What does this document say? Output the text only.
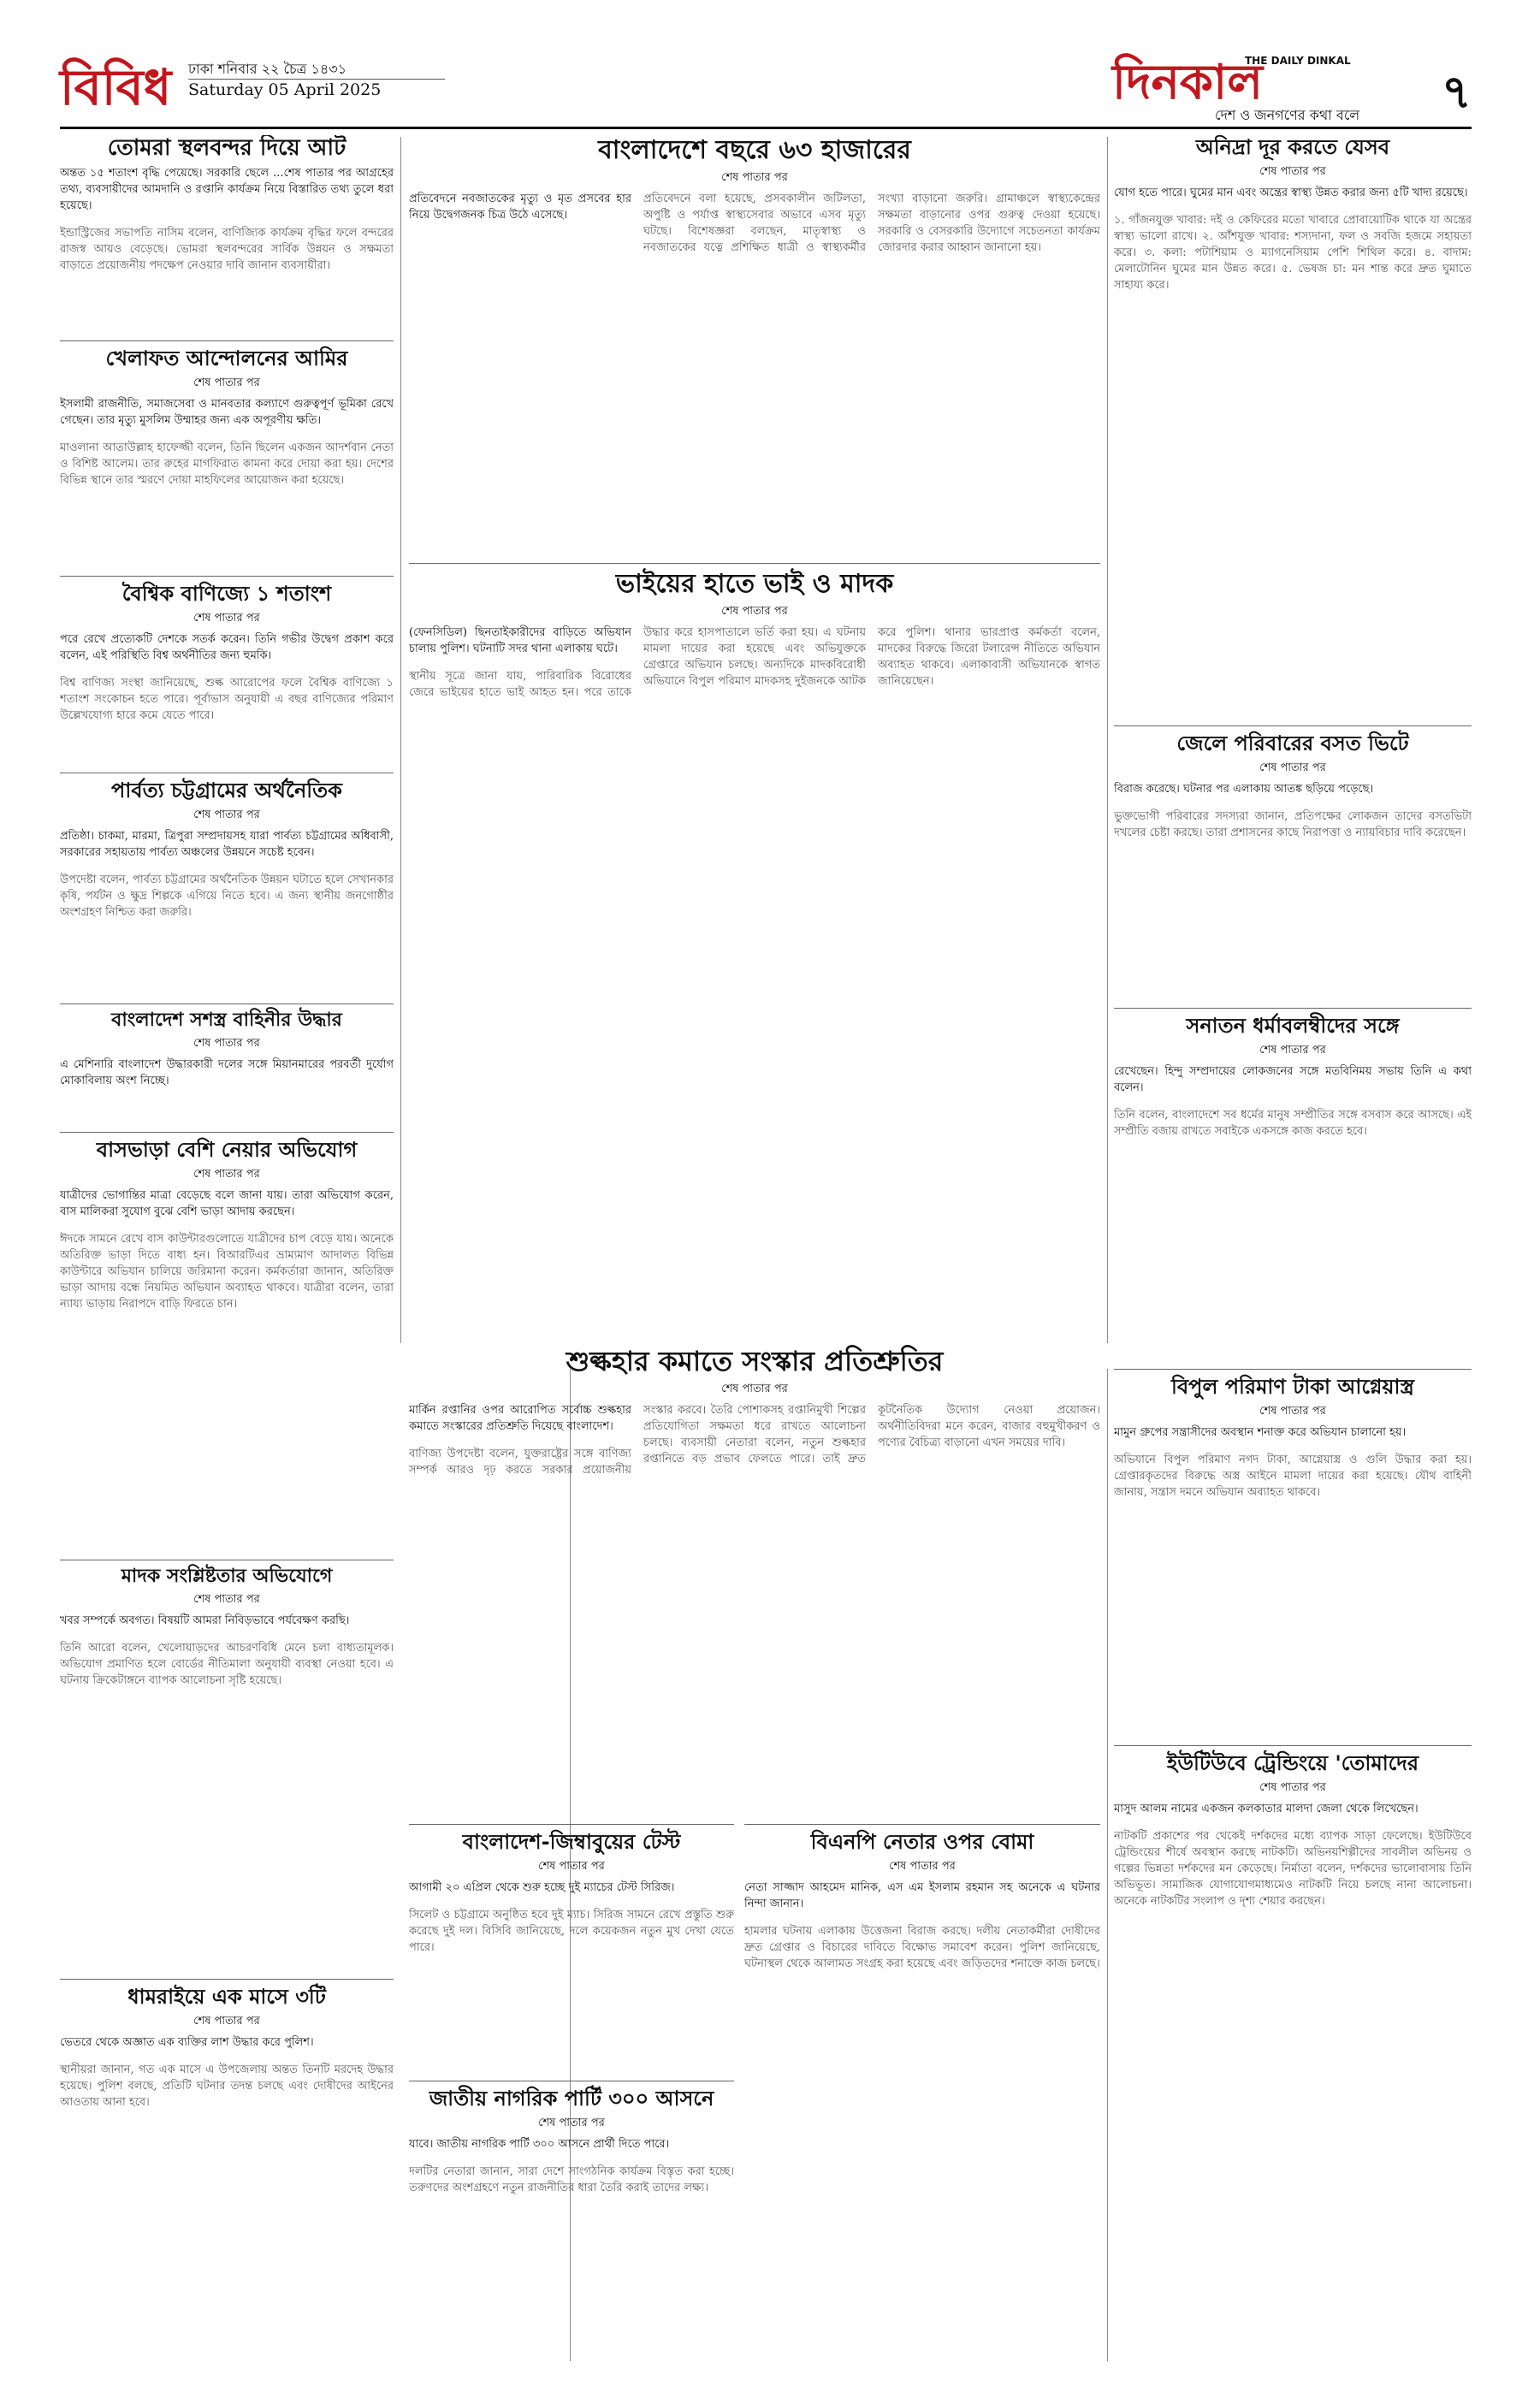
বিবিধ ঢাকা শনিবার ২২ চৈত্র ১৪৩১
Saturday 05 April 2025	দিনকাল
THE DAILY DINKAL
দেশ ও জনগণের কথা বলে ৭
তোমরা স্থলবন্দর দিয়ে আট

অন্তত ১৫ শতাংশ বৃদ্ধি পেয়েছে। সরকারি ছেলে ...শেষ পাতার পর আগ্রহের তথ্য, ব্যবসায়ীদের আমদানি ও রপ্তানি কার্যক্রম নিয়ে বিস্তারিত তথ্য তুলে ধরা হয়েছে।

ইন্ডাস্ট্রিজের সভাপতি নাসিম বলেন, বাণিজ্যিক কার্যক্রম বৃদ্ধির ফলে বন্দরের রাজস্ব আয়ও বেড়েছে। ভোমরা স্থলবন্দরের সার্বিক উন্নয়ন ও সক্ষমতা বাড়াতে প্রয়োজনীয় পদক্ষেপ নেওয়ার দাবি জানান ব্যবসায়ীরা।

খেলাফত আন্দোলনের আমির
শেষ পাতার পর

ইসলামী রাজনীতি, সমাজসেবা ও মানবতার কল্যাণে গুরুত্বপূর্ণ ভূমিকা রেখে গেছেন। তার মৃত্যু মুসলিম উম্মাহর জন্য এক অপূরণীয় ক্ষতি।

মাওলানা আতাউল্লাহ হাফেজ্জী বলেন, তিনি ছিলেন একজন আদর্শবান নেতা ও বিশিষ্ট আলেম। তার রুহের মাগফিরাত কামনা করে দোয়া করা হয়। দেশের বিভিন্ন স্থানে তার স্মরণে দোয়া মাহফিলের আয়োজন করা হয়েছে।

বৈশ্বিক বাণিজ্যে ১ শতাংশ
শেষ পাতার পর

পরে রেখে প্রত্যেকটি দেশকে সতর্ক করেন। তিনি গভীর উদ্বেগ প্রকাশ করে বলেন, এই পরিস্থিতি বিশ্ব অর্থনীতির জন্য হুমকি।

বিশ্ব বাণিজ্য সংস্থা জানিয়েছে, শুল্ক আরোপের ফলে বৈশ্বিক বাণিজ্যে ১ শতাংশ সংকোচন হতে পারে। পূর্বাভাস অনুযায়ী এ বছর বাণিজ্যের পরিমাণ উল্লেখযোগ্য হারে কমে যেতে পারে।

পার্বত্য চট্টগ্রামের অর্থনৈতিক
শেষ পাতার পর

প্রতিষ্ঠা। চাকমা, মারমা, ত্রিপুরা সম্প্রদায়সহ যারা পার্বত্য চট্টগ্রামের অধিবাসী, সরকারের সহায়তায় পার্বত্য অঞ্চলের উন্নয়নে সচেষ্ট হবেন।

উপদেষ্টা বলেন, পার্বত্য চট্টগ্রামের অর্থনৈতিক উন্নয়ন ঘটাতে হলে সেখানকার কৃষি, পর্যটন ও ক্ষুদ্র শিল্পকে এগিয়ে নিতে হবে। এ জন্য স্থানীয় জনগোষ্ঠীর অংশগ্রহণ নিশ্চিত করা জরুরি।

বাংলাদেশ সশস্ত্র বাহিনীর উদ্ধার
শেষ পাতার পর

এ মেশিনারি বাংলাদেশ উদ্ধারকারী দলের সঙ্গে মিয়ানমারের পরবর্তী দুর্যোগ মোকাবিলায় অংশ নিচ্ছে।

বাসভাড়া বেশি নেয়ার অভিযোগ
শেষ পাতার পর

যাত্রীদের ভোগান্তির মাত্রা বেড়েছে বলে জানা যায়। তারা অভিযোগ করেন, বাস মালিকরা সুযোগ বুঝে বেশি ভাড়া আদায় করছেন।

ঈদকে সামনে রেখে বাস কাউন্টারগুলোতে যাত্রীদের চাপ বেড়ে যায়। অনেকে অতিরিক্ত ভাড়া দিতে বাধ্য হন। বিআরটিএর ভ্রাম্যমাণ আদালত বিভিন্ন কাউন্টারে অভিযান চালিয়ে জরিমানা করেন। কর্মকর্তারা জানান, অতিরিক্ত ভাড়া আদায় বন্ধে নিয়মিত অভিযান অব্যাহত থাকবে। যাত্রীরা বলেন, তারা ন্যায্য ভাড়ায় নিরাপদে বাড়ি ফিরতে চান।

মাদক সংশ্লিষ্টতার অভিযোগে
শেষ পাতার পর

খবর সম্পর্কে অবগত। বিষয়টি আমরা নিবিড়ভাবে পর্যবেক্ষণ করছি।

তিনি আরো বলেন, খেলোয়াড়দের আচরণবিধি মেনে চলা বাধ্যতামূলক। অভিযোগ প্রমাণিত হলে বোর্ডের নীতিমালা অনুযায়ী ব্যবস্থা নেওয়া হবে। এ ঘটনায় ক্রিকেটাঙ্গনে ব্যাপক আলোচনা সৃষ্টি হয়েছে।

ধামরাইয়ে এক মাসে ৩টি
শেষ পাতার পর

ভেতরে থেকে অজ্ঞাত এক ব্যক্তির লাশ উদ্ধার করে পুলিশ।

স্থানীয়রা জানান, গত এক মাসে এ উপজেলায় অন্তত তিনটি মরদেহ উদ্ধার হয়েছে। পুলিশ বলছে, প্রতিটি ঘটনার তদন্ত চলছে এবং দোষীদের আইনের আওতায় আনা হবে।

বাংলাদেশে বছরে ৬৩ হাজারের
শেষ পাতার পর

প্রতিবেদনে নবজাতকের মৃত্যু ও মৃত প্রসবের হার নিয়ে উদ্বেগজনক চিত্র উঠে এসেছে।

প্রতিবেদনে বলা হয়েছে, প্রসবকালীন জটিলতা, অপুষ্টি ও পর্যাপ্ত স্বাস্থ্যসেবার অভাবে এসব মৃত্যু ঘটছে। বিশেষজ্ঞরা বলছেন, মাতৃস্বাস্থ্য ও নবজাতকের যত্নে প্রশিক্ষিত ধাত্রী ও স্বাস্থ্যকর্মীর সংখ্যা বাড়ানো জরুরি। গ্রামাঞ্চলে স্বাস্থ্যকেন্দ্রের সক্ষমতা বাড়ানোর ওপর গুরুত্ব দেওয়া হয়েছে। সরকারি ও বেসরকারি উদ্যোগে সচেতনতা কার্যক্রম জোরদার করার আহ্বান জানানো হয়।

ভাইয়ের হাতে ভাই ও মাদক
শেষ পাতার পর

(ফেনসিডিল) ছিনতাইকারীদের বাড়িতে অভিযান চালায় পুলিশ। ঘটনাটি সদর থানা এলাকায় ঘটে।

স্থানীয় সূত্রে জানা যায়, পারিবারিক বিরোধের জেরে ভাইয়ের হাতে ভাই আহত হন। পরে তাকে উদ্ধার করে হাসপাতালে ভর্তি করা হয়। এ ঘটনায় মামলা দায়ের করা হয়েছে এবং অভিযুক্তকে গ্রেপ্তারে অভিযান চলছে। অন্যদিকে মাদকবিরোধী অভিযানে বিপুল পরিমাণ মাদকসহ দুইজনকে আটক করে পুলিশ। থানার ভারপ্রাপ্ত কর্মকর্তা বলেন, মাদকের বিরুদ্ধে জিরো টলারেন্স নীতিতে অভিযান অব্যাহত থাকবে। এলাকাবাসী অভিযানকে স্বাগত জানিয়েছেন।

অনিদ্রা দূর করতে যেসব
শেষ পাতার পর

যোগ হতে পারে। ঘুমের মান এবং অন্ত্রের স্বাস্থ্য উন্নত করার জন্য ৫টি খাদ্য রয়েছে।

১. গাঁজনযুক্ত খাবার: দই ও কেফিরের মতো খাবারে প্রোবায়োটিক থাকে যা অন্ত্রের স্বাস্থ্য ভালো রাখে। ২. আঁশযুক্ত খাবার: শস্যদানা, ফল ও সবজি হজমে সহায়তা করে। ৩. কলা: পটাশিয়াম ও ম্যাগনেসিয়াম পেশি শিথিল করে। ৪. বাদাম: মেলাটোনিন ঘুমের মান উন্নত করে। ৫. ভেষজ চা: মন শান্ত করে দ্রুত ঘুমাতে সাহায্য করে।

জেলে পরিবারের বসত ভিটে
শেষ পাতার পর

বিরাজ করেছে। ঘটনার পর এলাকায় আতঙ্ক ছড়িয়ে পড়েছে।

ভুক্তভোগী পরিবারের সদস্যরা জানান, প্রতিপক্ষের লোকজন তাদের বসতভিটা দখলের চেষ্টা করছে। তারা প্রশাসনের কাছে নিরাপত্তা ও ন্যায়বিচার দাবি করেছেন।

সনাতন ধর্মাবলম্বীদের সঙ্গে
শেষ পাতার পর

রেখেছেন। হিন্দু সম্প্রদায়ের লোকজনের সঙ্গে মতবিনিময় সভায় তিনি এ কথা বলেন।

তিনি বলেন, বাংলাদেশে সব ধর্মের মানুষ সম্প্রীতির সঙ্গে বসবাস করে আসছে। এই সম্প্রীতি বজায় রাখতে সবাইকে একসঙ্গে কাজ করতে হবে।

বিপুল পরিমাণ টাকা আগ্নেয়াস্ত্র
শেষ পাতার পর

মামুন গ্রুপের সন্ত্রাসীদের অবস্থান শনাক্ত করে অভিযান চালানো হয়।

অভিযানে বিপুল পরিমাণ নগদ টাকা, আগ্নেয়াস্ত্র ও গুলি উদ্ধার করা হয়। গ্রেপ্তারকৃতদের বিরুদ্ধে অস্ত্র আইনে মামলা দায়ের করা হয়েছে। যৌথ বাহিনী জানায়, সন্ত্রাস দমনে অভিযান অব্যাহত থাকবে।

ইউটিউবে ট্রেন্ডিংয়ে 'তোমাদের
শেষ পাতার পর

মাসুদ আলম নামের একজন কলকাতার মালদা জেলা থেকে লিখেছেন।

নাটকটি প্রকাশের পর থেকেই দর্শকদের মধ্যে ব্যাপক সাড়া ফেলেছে। ইউটিউবে ট্রেন্ডিংয়ের শীর্ষে অবস্থান করছে নাটকটি। অভিনয়শিল্পীদের সাবলীল অভিনয় ও গল্পের ভিন্নতা দর্শকদের মন কেড়েছে। নির্মাতা বলেন, দর্শকদের ভালোবাসায় তিনি অভিভূত। সামাজিক যোগাযোগমাধ্যমেও নাটকটি নিয়ে চলছে নানা আলোচনা। অনেকে নাটকটির সংলাপ ও দৃশ্য শেয়ার করছেন।

শুল্কহার কমাতে সংস্কার প্রতিশ্রুতির
শেষ পাতার পর

মার্কিন রপ্তানির ওপর আরোপিত সর্বোচ্চ শুল্কহার কমাতে সংস্কারের প্রতিশ্রুতি দিয়েছে বাংলাদেশ।

বাণিজ্য উপদেষ্টা বলেন, যুক্তরাষ্ট্রের সঙ্গে বাণিজ্য সম্পর্ক আরও দৃঢ় করতে সরকার প্রয়োজনীয় সংস্কার করবে। তৈরি পোশাকসহ রপ্তানিমুখী শিল্পের প্রতিযোগিতা সক্ষমতা ধরে রাখতে আলোচনা চলছে। ব্যবসায়ী নেতারা বলেন, নতুন শুল্কহার রপ্তানিতে বড় প্রভাব ফেলতে পারে। তাই দ্রুত কূটনৈতিক উদ্যোগ নেওয়া প্রয়োজন। অর্থনীতিবিদরা মনে করেন, বাজার বহুমুখীকরণ ও পণ্যের বৈচিত্র্য বাড়ানো এখন সময়ের দাবি।

বাংলাদেশ-জিম্বাবুয়ের টেস্ট
শেষ পাতার পর

আগামী ২০ এপ্রিল থেকে শুরু হচ্ছে দুই ম্যাচের টেস্ট সিরিজ।

সিলেট ও চট্টগ্রামে অনুষ্ঠিত হবে দুই ম্যাচ। সিরিজ সামনে রেখে প্রস্তুতি শুরু করেছে দুই দল। বিসিবি জানিয়েছে, দলে কয়েকজন নতুন মুখ দেখা যেতে পারে।

বিএনপি নেতার ওপর বোমা
শেষ পাতার পর

নেতা সাজ্জাদ আহমেদ মানিক, এস এম ইসলাম রহমান সহ অনেকে এ ঘটনার নিন্দা জানান।

হামলার ঘটনায় এলাকায় উত্তেজনা বিরাজ করছে। দলীয় নেতাকর্মীরা দোষীদের দ্রুত গ্রেপ্তার ও বিচারের দাবিতে বিক্ষোভ সমাবেশ করেন। পুলিশ জানিয়েছে, ঘটনাস্থল থেকে আলামত সংগ্রহ করা হয়েছে এবং জড়িতদের শনাক্তে কাজ চলছে।

জাতীয় নাগরিক পার্টি ৩০০ আসনে
শেষ পাতার পর

যাবে। জাতীয় নাগরিক পার্টি ৩০০ আসনে প্রার্থী দিতে পারে।

দলটির নেতারা জানান, সারা দেশে সাংগঠনিক কার্যক্রম বিস্তৃত করা হচ্ছে। তরুণদের অংশগ্রহণে নতুন রাজনীতির ধারা তৈরি করাই তাদের লক্ষ্য।
